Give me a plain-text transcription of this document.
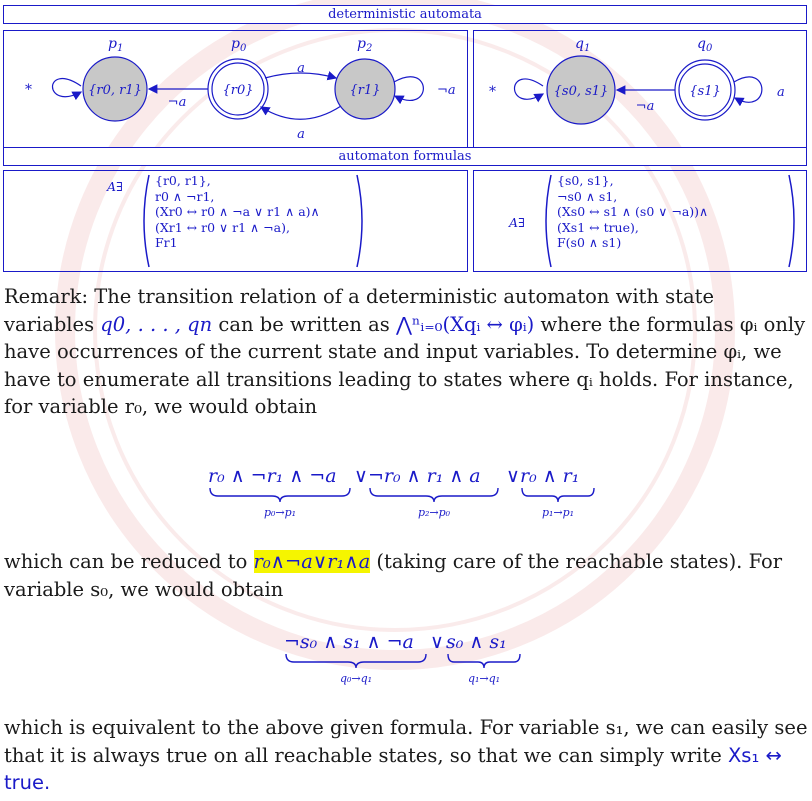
deterministic automata
automaton formulas
$p_1$	$p_0$	$p_2$
*	{r0, r1}	{r0}	{r1}
¬a
a
a
¬a
$q_1$	$q_0$
*	{s0, s1}	{s1}
¬a
a
A∃	{r0, r1},
r0 ∧ ¬r1,
(Xr0 ↔ r0 ∧ ¬a ∨ r1 ∧ a)∧
(Xr1 ↔ r0 ∨ r1 ∧ ¬a),
Fr1
A∃
{s0, s1},
¬s0 ∧ s1,
(Xs0 ↔ s1 ∧ (s0 ∨ ¬a))∧
(Xs1 ↔ true),
F(s0 ∧ s1)

Remark: The transition relation of a deterministic automaton with state variables q0, . . . , qn can be written as ⋀ⁿᵢ₌₀(Xqᵢ ↔ φᵢ) where the formulas φᵢ only have occurrences of the current state and input variables. To determine φᵢ, we have to enumerate all transitions leading to states where qᵢ holds. For instance, for variable r₀, we would obtain

r₀ ∧ ¬r₁ ∧ ¬a ∨ ¬r₀ ∧ r₁ ∧ a ∨ r₀ ∧ r₁
p₀→p₁	p₂→p₀	p₁→p₁

which can be reduced to r₀∧¬a∨r₁∧a (taking care of the reachable states). For variable s₀, we would obtain

¬s₀ ∧ s₁ ∧ ¬a ∨ s₀ ∧ s₁
q₀→q₁	q₁→q₁

which is equivalent to the above given formula. For variable s₁, we can easily see that it is always true on all reachable states, so that we can simply write Xs₁ ↔ true.
